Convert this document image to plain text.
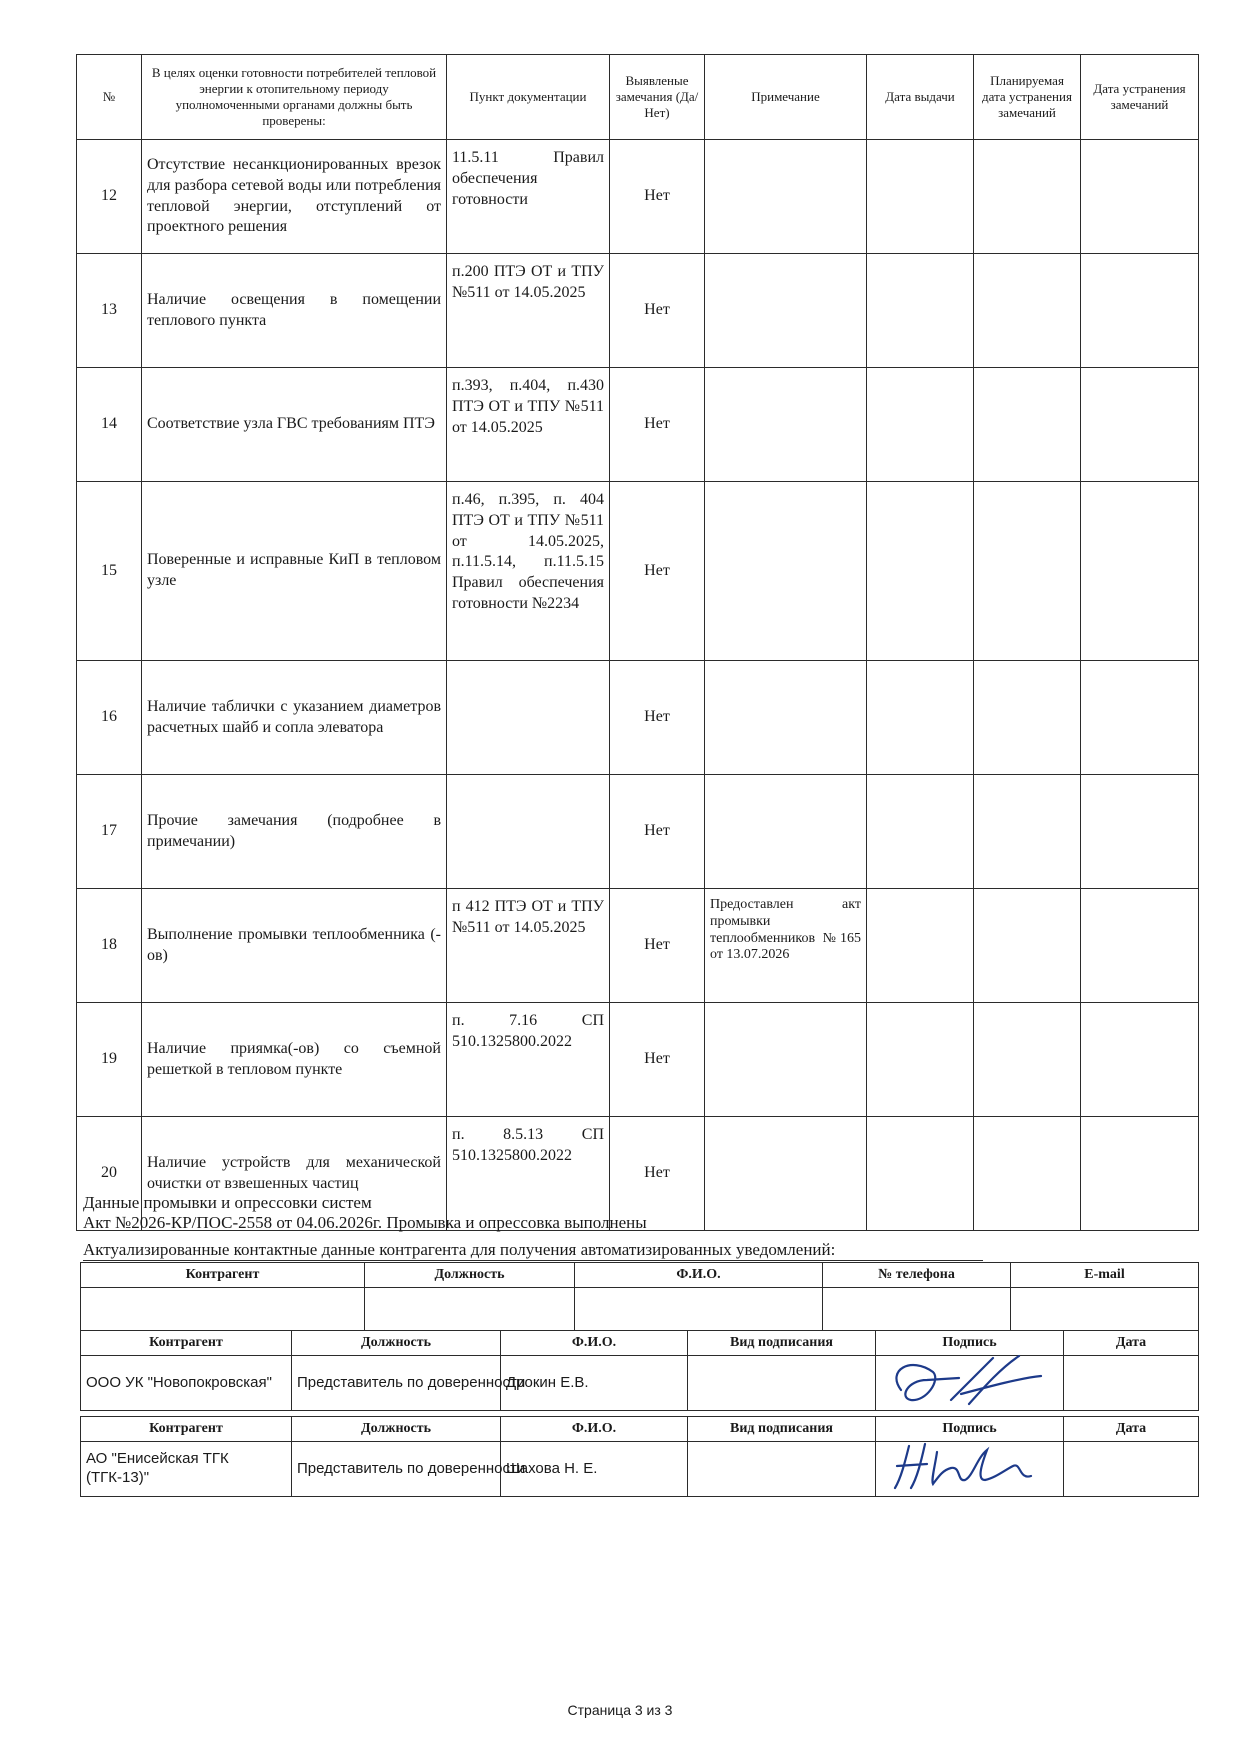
№	В целях оценки готовности потребителей тепловой энергии к отопительному периоду уполномоченными органами должны быть проверены:	Пункт документации	Выявленые замечания (Да/Нет)	Примечание	Дата выдачи	Планируемая дата устранения замечаний	Дата устранения замечаний
12	Отсутствие несанкционированных врезок для разбора сетевой воды или потребления тепловой энергии, отступлений от проектного решения	11.5.11 Правил обеспечения готовности	Нет				
13	Наличие освещения в помещении теплового пункта	п.200 ПТЭ ОТ и ТПУ №511 от 14.05.2025	Нет				
14	Соответствие узла ГВС требованиям ПТЭ	п.393, п.404, п.430 ПТЭ ОТ и ТПУ №511 от 14.05.2025	Нет				
15	Поверенные и исправные КиП в тепловом узле	п.46, п.395, п. 404 ПТЭ ОТ и ТПУ №511 от 14.05.2025, п.11.5.14, п.11.5.15 Правил обеспечения готовности №2234	Нет				
16	Наличие таблички с указанием диаметров расчетных шайб и сопла элеватора		Нет				
17	Прочие замечания (подробнее в примечании)		Нет				
18	Выполнение промывки теплообменника (-ов)	п 412 ПТЭ ОТ и ТПУ №511 от 14.05.2025	Нет	Предоставлен акт промывки теплообменников №165 от 13.07.2026			
19	Наличие приямка(-ов) со съемной решеткой в тепловом пункте	п. 7.16 СП 510.1325800.2022	Нет				
20	Наличие устройств для механической очистки от взвешенных частиц	п. 8.5.13 СП 510.1325800.2022	Нет				
Данные промывки и опрессовки систем
Акт №2026-КР/ПОС-2558 от 04.06.2026г. Промывка и опрессовка выполнены
Актуализированные контактные данные контрагента для получения автоматизированных уведомлений:
Контрагент	Должность	Ф.И.О.	№ телефона	E-mail

Контрагент	Должность	Ф.И.О.	Вид подписания	Подпись	Дата
ООО УК "Новопокровская"	Представитель по доверенности	Дрокин Е.В.		

Контрагент	Должность	Ф.И.О.	Вид подписания	Подпись	Дата
АО "Енисейская ТГК (ТГК-13)"	Представитель по доверенности	Шахова Н. Е.		

Страница 3 из 3
